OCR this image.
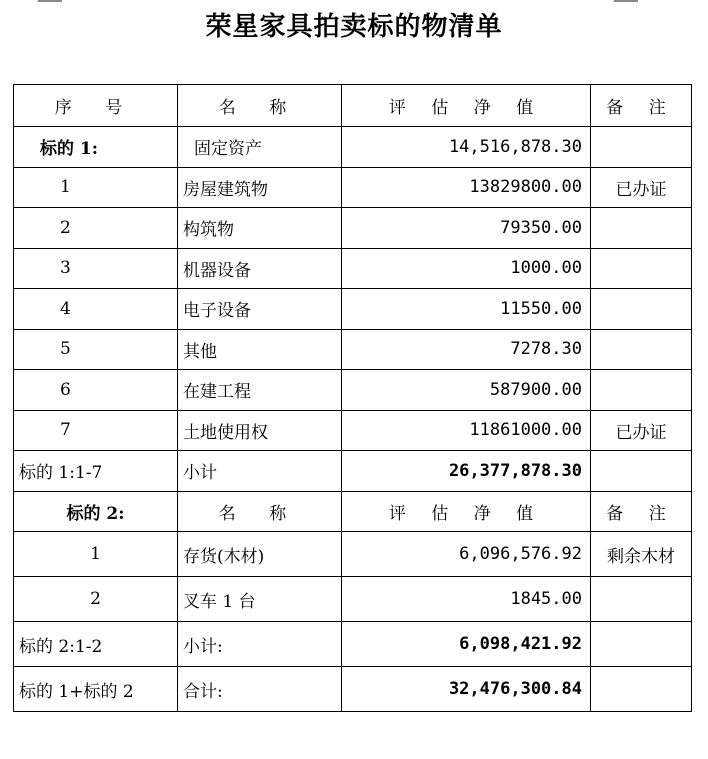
荣星家具拍卖标的物清单
序 号	名 称	评 估 净 值	备 注
标的 1:	固定资产	14,516,878.30	
1	房屋建筑物	13829800.00	已办证
2	构筑物	79350.00	
3	机器设备	1000.00	
4	电子设备	11550.00	
5	其他	7278.30	
6	在建工程	587900.00	
7	土地使用权	11861000.00	已办证
标的 1:1-7	小计	26,377,878.30	
标的 2:	名 称	评 估 净 值	备 注
1	存货(木材)	6,096,576.92	剩余木材
2	叉车 1 台	1845.00	
标的 2:1-2	小计:	6,098,421.92	
标的 1+标的 2	合计:	32,476,300.84	
